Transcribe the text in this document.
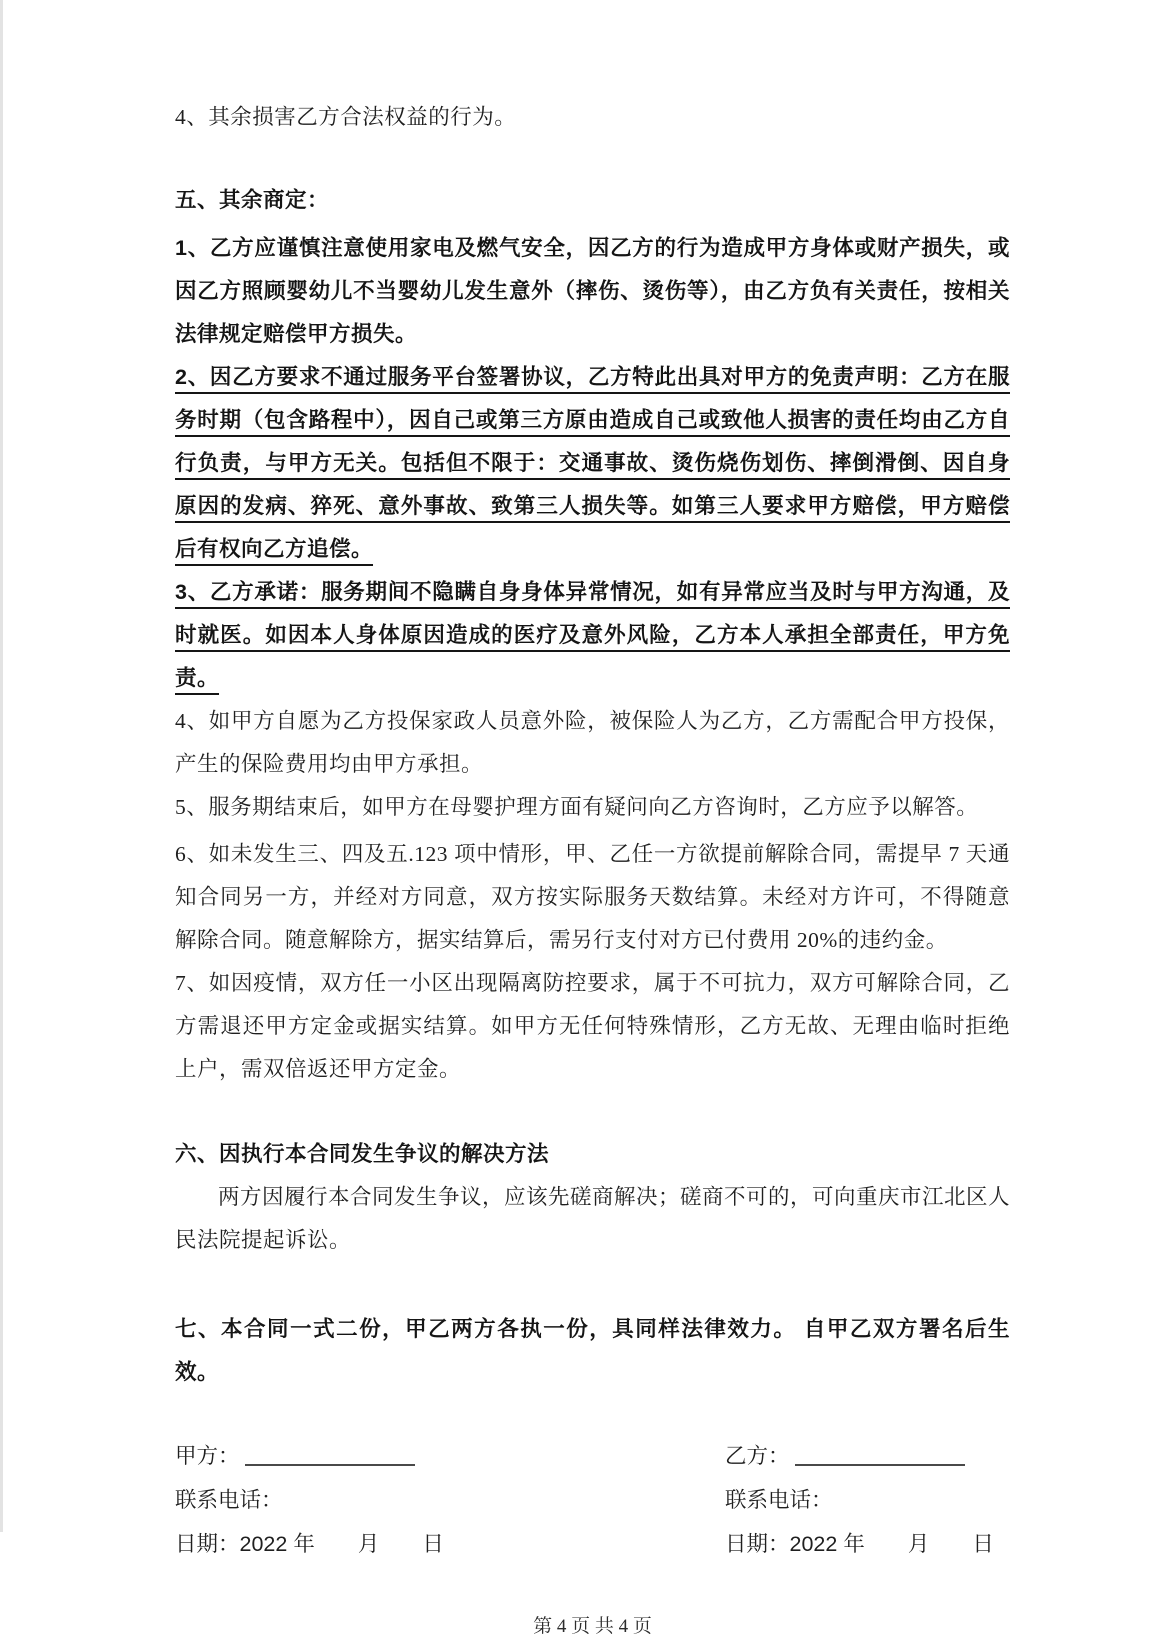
4、其余损害乙方合法权益的行为。

五、其余商定：

1、乙方应谨慎注意使用家电及燃气安全，因乙方的行为造成甲方身体或财产损失，或因乙方照顾婴幼儿不当婴幼儿发生意外（摔伤、烫伤等），由乙方负有关责任，按相关法律规定赔偿甲方损失。

2、因乙方要求不通过服务平台签署协议，乙方特此出具对甲方的免责声明：乙方在服务时期（包含路程中），因自己或第三方原由造成自己或致他人损害的责任均由乙方自行负责，与甲方无关。包括但不限于：交通事故、烫伤烧伤划伤、摔倒滑倒、因自身原因的发病、猝死、意外事故、致第三人损失等。如第三人要求甲方赔偿，甲方赔偿后有权向乙方追偿。

3、乙方承诺：服务期间不隐瞒自身身体异常情况，如有异常应当及时与甲方沟通，及时就医。如因本人身体原因造成的医疗及意外风险，乙方本人承担全部责任，甲方免责。

4、如甲方自愿为乙方投保家政人员意外险，被保险人为乙方，乙方需配合甲方投保，产生的保险费用均由甲方承担。

5、服务期结束后，如甲方在母婴护理方面有疑问向乙方咨询时，乙方应予以解答。

6、如未发生三、四及五.123 项中情形，甲、乙任一方欲提前解除合同，需提早 7 天通知合同另一方，并经对方同意，双方按实际服务天数结算。未经对方许可，不得随意解除合同。随意解除方，据实结算后，需另行支付对方已付费用 20%的违约金。

7、如因疫情，双方任一小区出现隔离防控要求，属于不可抗力，双方可解除合同，乙方需退还甲方定金或据实结算。如甲方无任何特殊情形，乙方无故、无理由临时拒绝上户，需双倍返还甲方定金。

六、因执行本合同发生争议的解决方法

两方因履行本合同发生争议，应该先磋商解决；磋商不可的，可向重庆市江北区人民法院提起诉讼。

七、本合同一式二份，甲乙两方各执一份，具同样法律效力。 自甲乙双方署名后生效。

甲方：
联系电话：
日期：2022 年　　月　　日
乙方：
联系电话：
日期：2022 年　　月　　日
第 4 页 共 4 页
